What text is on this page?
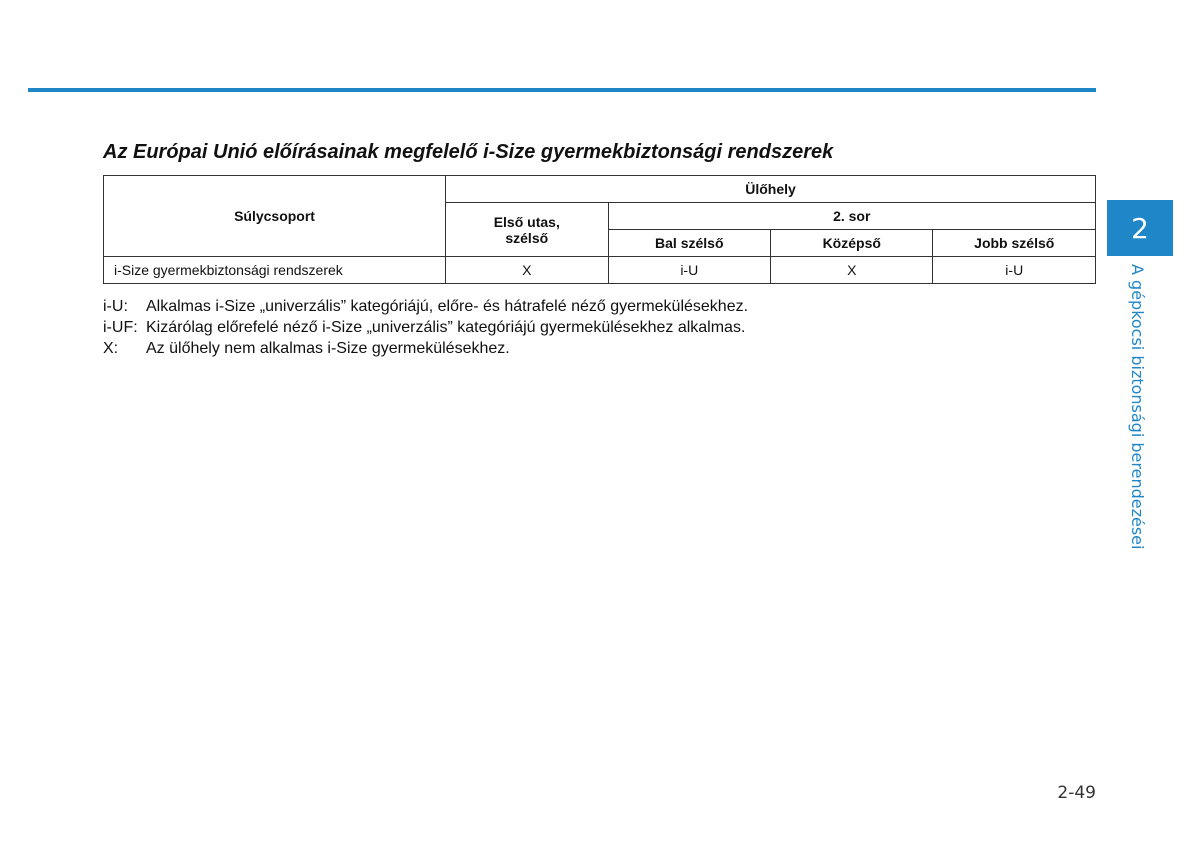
Az Európai Unió előírásainak megfelelő i-Size gyermekbiztonsági rendszerek
Súlycsoport	Ülőhely			

	Első utas,
szélső	2. sor		
		Bal szélső	Középső	Jobb szélső
i-Size gyermekbiztonsági rendszerek	X	i-U	X	i-U
i-U:	Alkalmas i-Size „univerzális” kategóriájú, előre- és hátrafelé néző gyermekülésekhez.
i-UF: Kizárólag előrefelé néző i-Size „univerzális” kategóriájú gyermekülésekhez alkalmas.
X:	Az ülőhely nem alkalmas i-Size gyermekülésekhez.
2
A gépkocsi biztonsági berendezései
2-49
